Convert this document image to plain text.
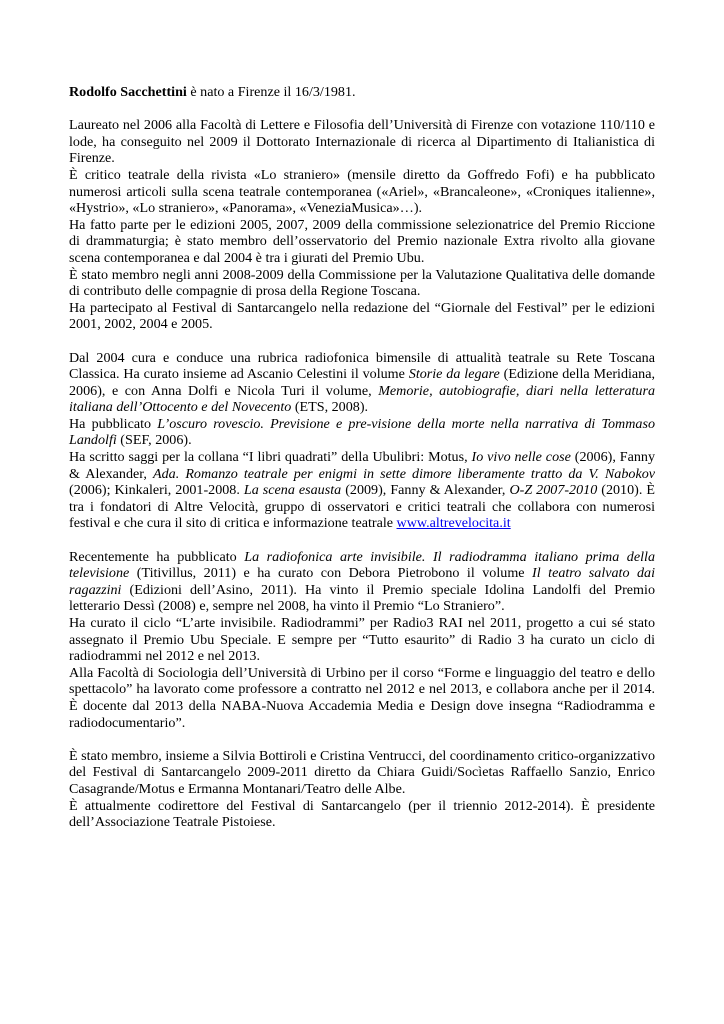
Rodolfo Sacchettini è nato a Firenze il 16/3/1981.

Laureato nel 2006 alla Facoltà di Lettere e Filosofia dell’Università di Firenze con votazione 110/110 e lode, ha conseguito nel 2009 il Dottorato Internazionale di ricerca al Dipartimento di Italianistica di Firenze.

È critico teatrale della rivista «Lo straniero» (mensile diretto da Goffredo Fofi) e ha pubblicato numerosi articoli sulla scena teatrale contemporanea («Ariel», «Brancaleone», «Croniques italienne», «Hystrio», «Lo straniero», «Panorama», «VeneziaMusica»…).

Ha fatto parte per le edizioni 2005, 2007, 2009 della commissione selezionatrice del Premio Riccione di drammaturgia; è stato membro dell’osservatorio del Premio nazionale Extra rivolto alla giovane scena contemporanea e dal 2004 è tra i giurati del Premio Ubu.

È stato membro negli anni 2008-2009 della Commissione per la Valutazione Qualitativa delle domande di contributo delle compagnie di prosa della Regione Toscana.

Ha partecipato al Festival di Santarcangelo nella redazione del “Giornale del Festival” per le edizioni 2001, 2002, 2004 e 2005.

Dal 2004 cura e conduce una rubrica radiofonica bimensile di attualità teatrale su Rete Toscana Classica. Ha curato insieme ad Ascanio Celestini il volume Storie da legare (Edizione della Meridiana, 2006), e con Anna Dolfi e Nicola Turi il volume, Memorie, autobiografie, diari nella letteratura italiana dell’Ottocento e del Novecento (ETS, 2008).

Ha pubblicato L’oscuro rovescio. Previsione e pre-visione della morte nella narrativa di Tommaso Landolfi (SEF, 2006).

Ha scritto saggi per la collana “I libri quadrati” della Ubulibri: Motus, Io vivo nelle cose (2006), Fanny & Alexander, Ada. Romanzo teatrale per enigmi in sette dimore liberamente tratto da V. Nabokov (2006); Kinkaleri, 2001-2008. La scena esausta (2009), Fanny & Alexander, O-Z 2007-2010 (2010). È tra i fondatori di Altre Velocità, gruppo di osservatori e critici teatrali che collabora con numerosi festival e che cura il sito di critica e informazione teatrale www.altrevelocita.it

Recentemente ha pubblicato La radiofonica arte invisibile. Il radiodramma italiano prima della televisione (Titivillus, 2011) e ha curato con Debora Pietrobono il volume Il teatro salvato dai ragazzini (Edizioni dell’Asino, 2011). Ha vinto il Premio speciale Idolina Landolfi del Premio letterario Dessì (2008) e, sempre nel 2008, ha vinto il Premio “Lo Straniero”.

Ha curato il ciclo “L’arte invisibile. Radiodrammi” per Radio3 RAI nel 2011, progetto a cui sé stato assegnato il Premio Ubu Speciale. E sempre per “Tutto esaurito” di Radio 3 ha curato un ciclo di radiodrammi nel 2012 e nel 2013.

Alla Facoltà di Sociologia dell’Università di Urbino per il corso “Forme e linguaggio del teatro e dello spettacolo” ha lavorato come professore a contratto nel 2012 e nel 2013, e collabora anche per il 2014. È docente dal 2013 della NABA-Nuova Accademia Media e Design dove insegna “Radiodramma e radiodocumentario”.

È stato membro, insieme a Silvia Bottiroli e Cristina Ventrucci, del coordinamento critico-organizzativo del Festival di Santarcangelo 2009-2011 diretto da Chiara Guidi/Socìetas Raffaello Sanzio, Enrico Casagrande/Motus e Ermanna Montanari/Teatro delle Albe.

È attualmente codirettore del Festival di Santarcangelo (per il triennio 2012-2014). È presidente dell’Associazione Teatrale Pistoiese.
